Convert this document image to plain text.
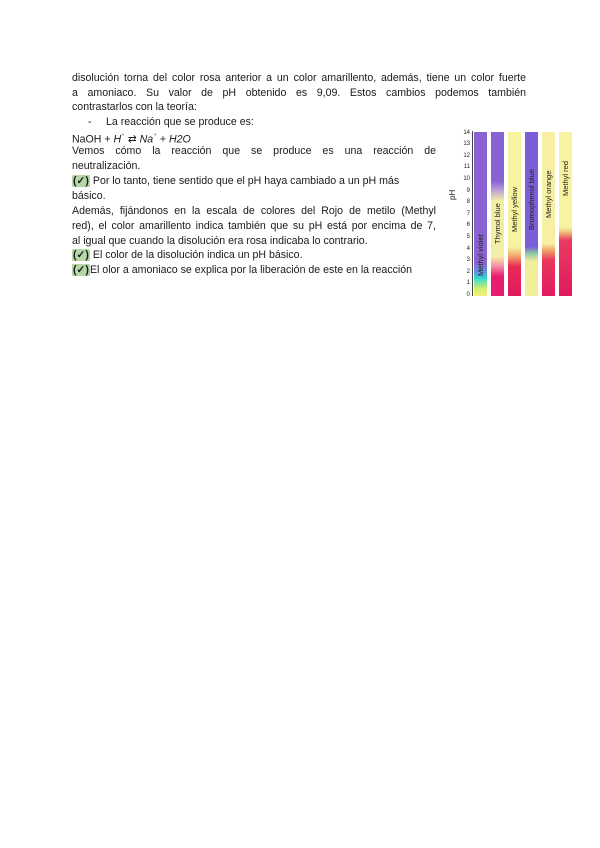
disolución torna del color rosa anterior a un color amarillento, además, tiene un color fuerte

a amoniaco. Su valor de pH obtenido es 9,09. Estos cambios podemos también

contrastarlos con la teoría:

- La reacción que se produce es:

NaOH + H⁺ ⇄ Na⁺ + H2O

Vemos cómo la reacción que se produce es una reacción de

neutralización.

(✓) Por lo tanto, tiene sentido que el pH haya cambiado a un pH más

básico.

Además, fijándonos en la escala de colores del Rojo de metilo (Methyl

red), el color amarillento indica también que su pH está por encima de 7,

al igual que cuando la disolución era rosa indicaba lo contrario.

(✓) El color de la disolución indica un pH básico.

(✓)El olor a amoniaco se explica por la liberación de este en la reacción

pH
14
13
12
11
10
9
8
7
6
5
4
3
2
1
0
Methyl violet
Thymol blue Methyl yellow Bromophenol blue Methyl orange Methyl red
